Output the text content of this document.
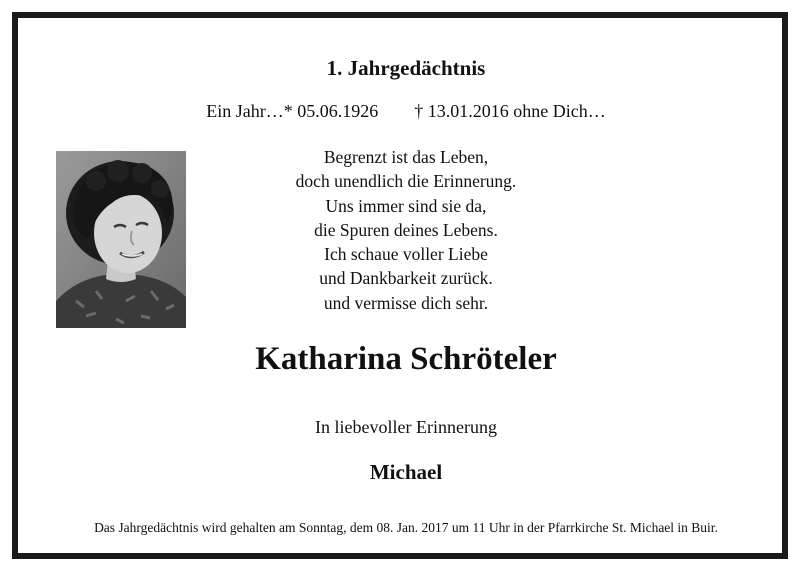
1. Jahrgedächtnis
Ein Jahr…* 05.06.1926 † 13.01.2016 ohne Dich…
Begrenzt ist das Leben,
doch unendlich die Erinnerung.
Uns immer sind sie da,
die Spuren deines Lebens.
Ich schaue voller Liebe
und Dankbarkeit zurück.
und vermisse dich sehr.
Katharina Schröteler
In liebevoller Erinnerung
Michael
Das Jahrgedächtnis wird gehalten am Sonntag, dem 08. Jan. 2017 um 11 Uhr in der Pfarrkirche St. Michael in Buir.
